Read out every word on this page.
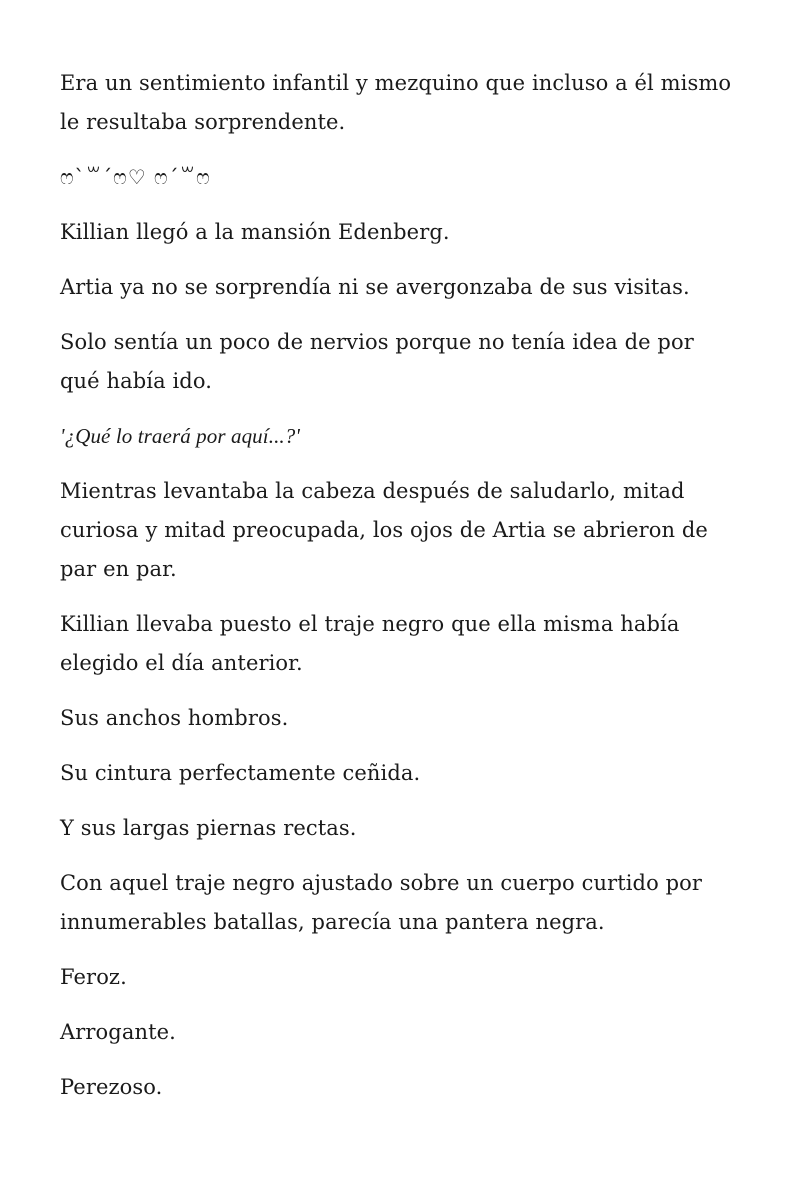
Era un sentimiento infantil y mezquino que incluso a él mismo le resultaba sorprendente.

ෆ`꒳´ෆ♡ ෆ´꒳ෆ

Killian llegó a la mansión Edenberg.

Artia ya no se sorprendía ni se avergonzaba de sus visitas.

Solo sentía un poco de nervios porque no tenía idea de por qué había ido.

'¿Qué lo traerá por aquí...?'

Mientras levantaba la cabeza después de saludarlo, mitad curiosa y mitad preocupada, los ojos de Artia se abrieron de par en par.

Killian llevaba puesto el traje negro que ella misma había elegido el día anterior.

Sus anchos hombros.

Su cintura perfectamente ceñida.

Y sus largas piernas rectas.

Con aquel traje negro ajustado sobre un cuerpo curtido por innumerables batallas, parecía una pantera negra.

Feroz.

Arrogante.

Perezoso.
